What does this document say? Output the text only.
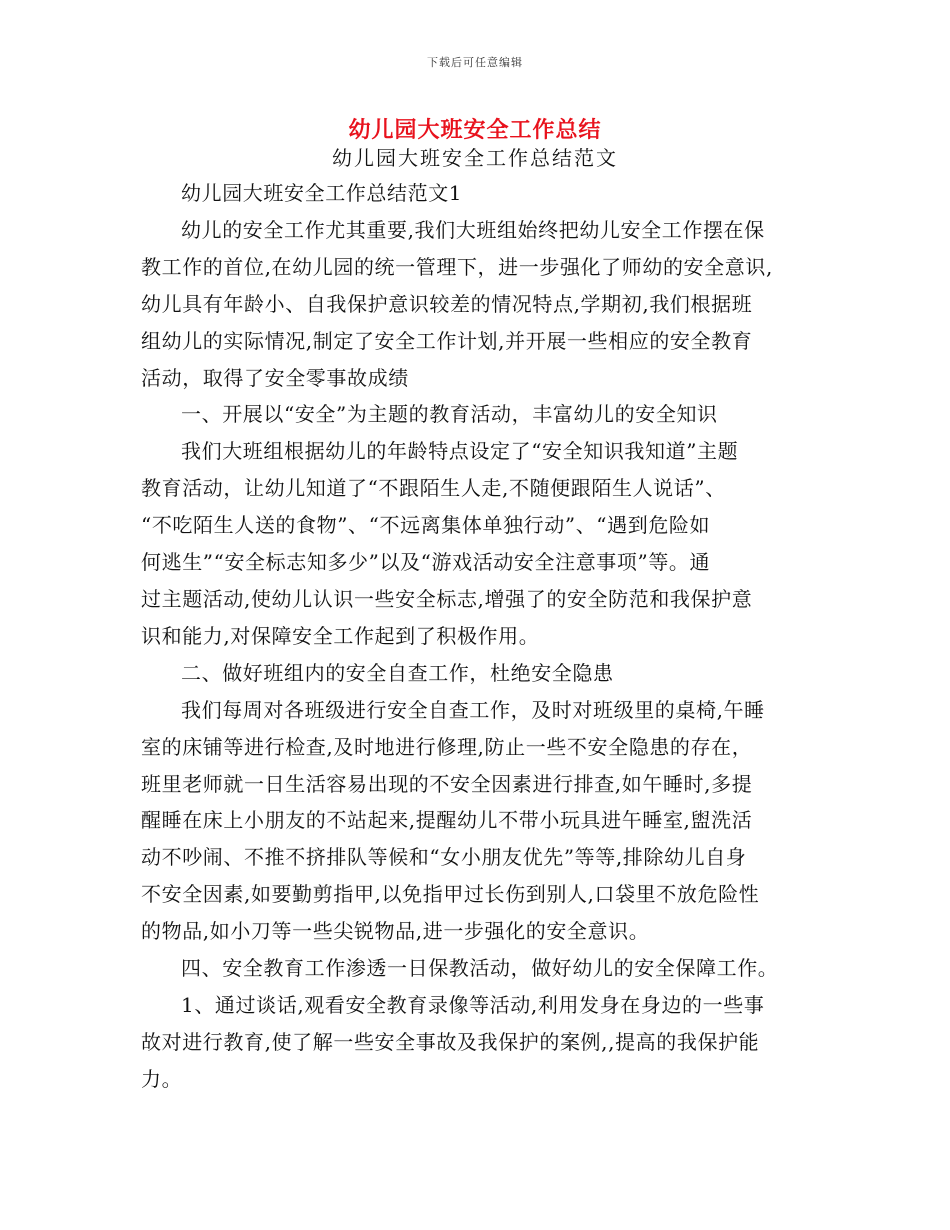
下载后可任意编辑
幼儿园大班安全工作总结
幼儿园大班安全工作总结范文
幼儿园大班安全工作总结范文1
幼儿的安全工作尤其重要,我们大班组始终把幼儿安全工作摆在保
教工作的首位,在幼儿园的统一管理下，进一步强化了师幼的安全意识,
幼儿具有年龄小、自我保护意识较差的情况特点,学期初,我们根据班
组幼儿的实际情况,制定了安全工作计划,并开展一些相应的安全教育
活动，取得了安全零事故成绩
一、开展以“安全”为主题的教育活动，丰富幼儿的安全知识
我们大班组根据幼儿的年龄特点设定了“安全知识我知道”主题
教育活动，让幼儿知道了“不跟陌生人走,不随便跟陌生人说话”、
“不吃陌生人送的食物”、“不远离集体单独行动”、“遇到危险如
何逃生”“安全标志知多少”以及“游戏活动安全注意事项”等。通
过主题活动,使幼儿认识一些安全标志,增强了的安全防范和我保护意
识和能力,对保障安全工作起到了积极作用。
二、做好班组内的安全自查工作，杜绝安全隐患
我们每周对各班级进行安全自查工作，及时对班级里的桌椅,午睡
室的床铺等进行检查,及时地进行修理,防止一些不安全隐患的存在，
班里老师就一日生活容易出现的不安全因素进行排查,如午睡时,多提
醒睡在床上小朋友的不站起来,提醒幼儿不带小玩具进午睡室,盥洗活
动不吵闹、不推不挤排队等候和“女小朋友优先”等等,排除幼儿自身
不安全因素,如要勤剪指甲,以免指甲过长伤到别人,口袋里不放危险性
的物品,如小刀等一些尖锐物品,进一步强化的安全意识。
四、安全教育工作渗透一日保教活动，做好幼儿的安全保障工作。
1、通过谈话,观看安全教育录像等活动,利用发身在身边的一些事
故对进行教育,使了解一些安全事故及我保护的案例,,提高的我保护能
力。
